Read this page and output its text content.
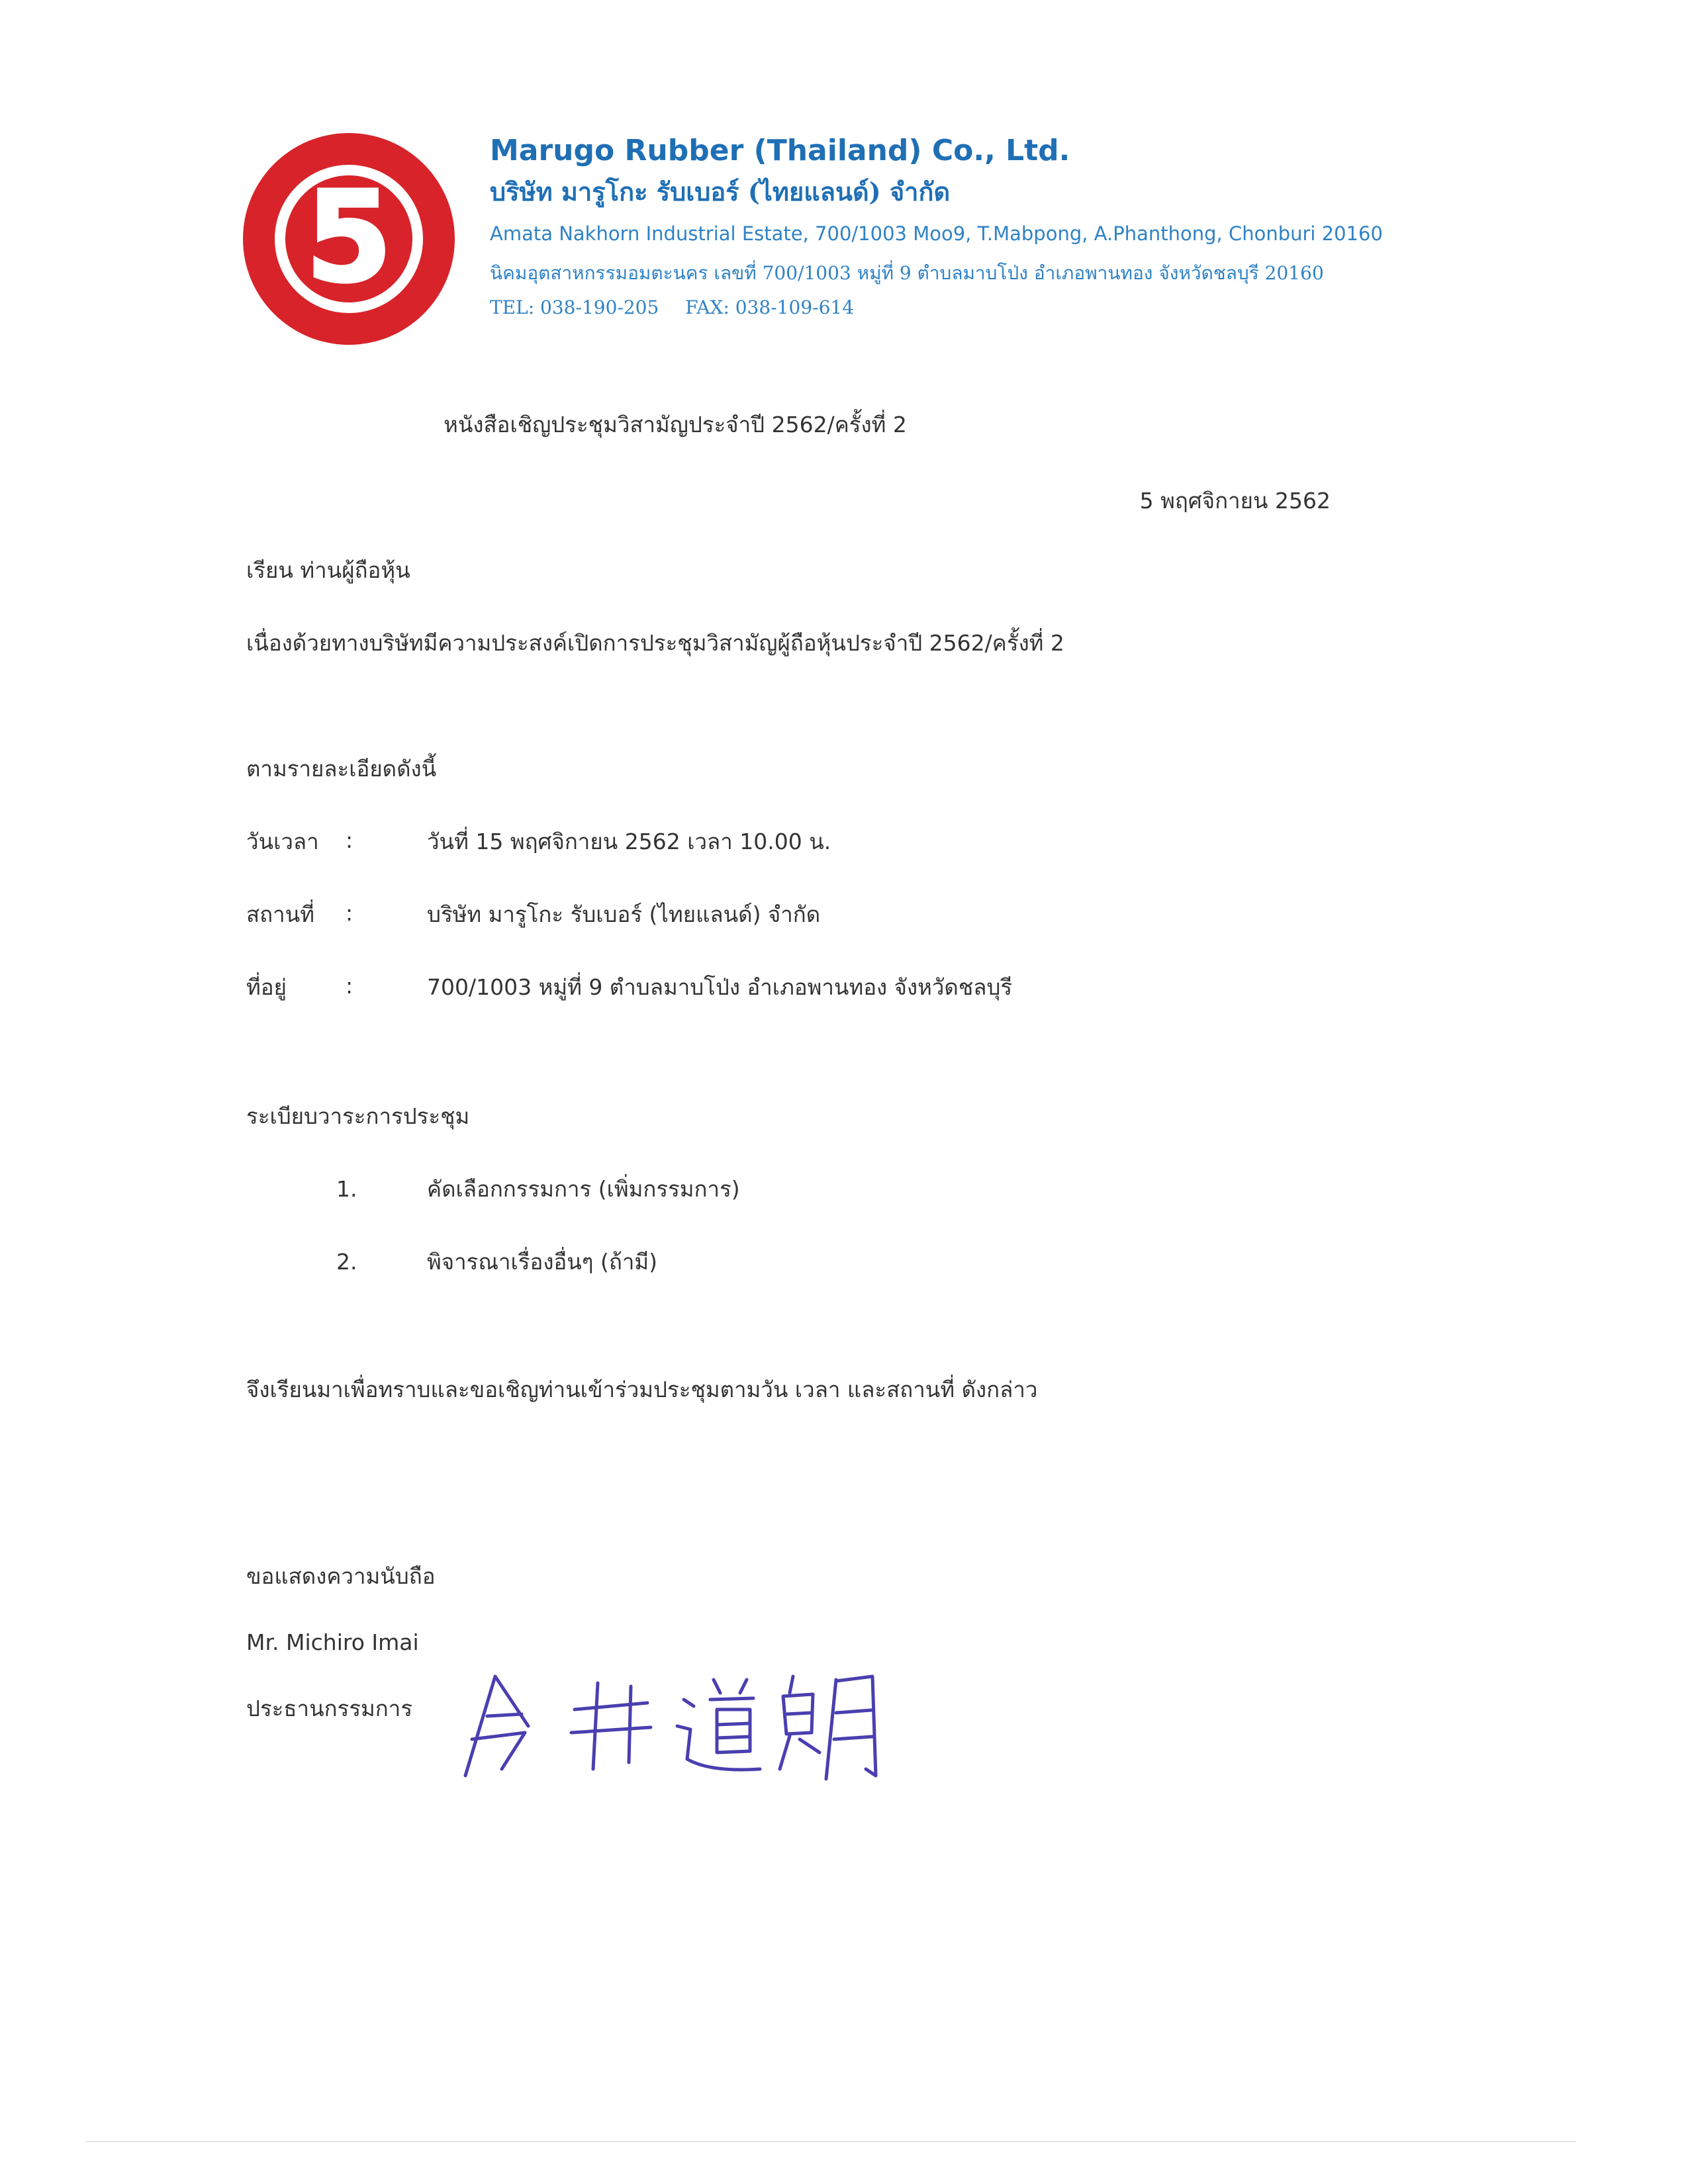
5

Marugo Rubber (Thailand) Co., Ltd.

บริษัท มารูโกะ รับเบอร์ (ไทยแลนด์) จำกัด

Amata Nakhorn Industrial Estate, 700/1003 Moo9, T.Mabpong, A.Phanthong, Chonburi 20160

นิคมอุตสาหกรรมอมตะนคร เลขที่ 700/1003 หมู่ที่ 9 ตำบลมาบโป่ง อำเภอพานทอง จังหวัดชลบุรี 20160

TEL: 038-190-205 FAX: 038-109-614

หนังสือเชิญประชุมวิสามัญประจำปี 2562/ครั้งที่ 2
5 พฤศจิกายน 2562
เรียน ท่านผู้ถือหุ้น
เนื่องด้วยทางบริษัทมีความประสงค์เปิดการประชุมวิสามัญผู้ถือหุ้นประจำปี 2562/ครั้งที่ 2
ตามรายละเอียดดังนี้
วันเวลา :	วันที่ 15 พฤศจิกายน 2562 เวลา 10.00 น.
สถานที่ :	บริษัท มารูโกะ รับเบอร์ (ไทยแลนด์) จำกัด
ที่อยู่	:	700/1003 หมู่ที่ 9 ตำบลมาบโป่ง อำเภอพานทอง จังหวัดชลบุรี
ระเบียบวาระการประชุม
1.	คัดเลือกกรรมการ (เพิ่มกรรมการ)
2.	พิจารณาเรื่องอื่นๆ (ถ้ามี)
จึงเรียนมาเพื่อทราบและขอเชิญท่านเข้าร่วมประชุมตามวัน เวลา และสถานที่ ดังกล่าว
ขอแสดงความนับถือ
Mr. Michiro Imai
ประธานกรรมการ
